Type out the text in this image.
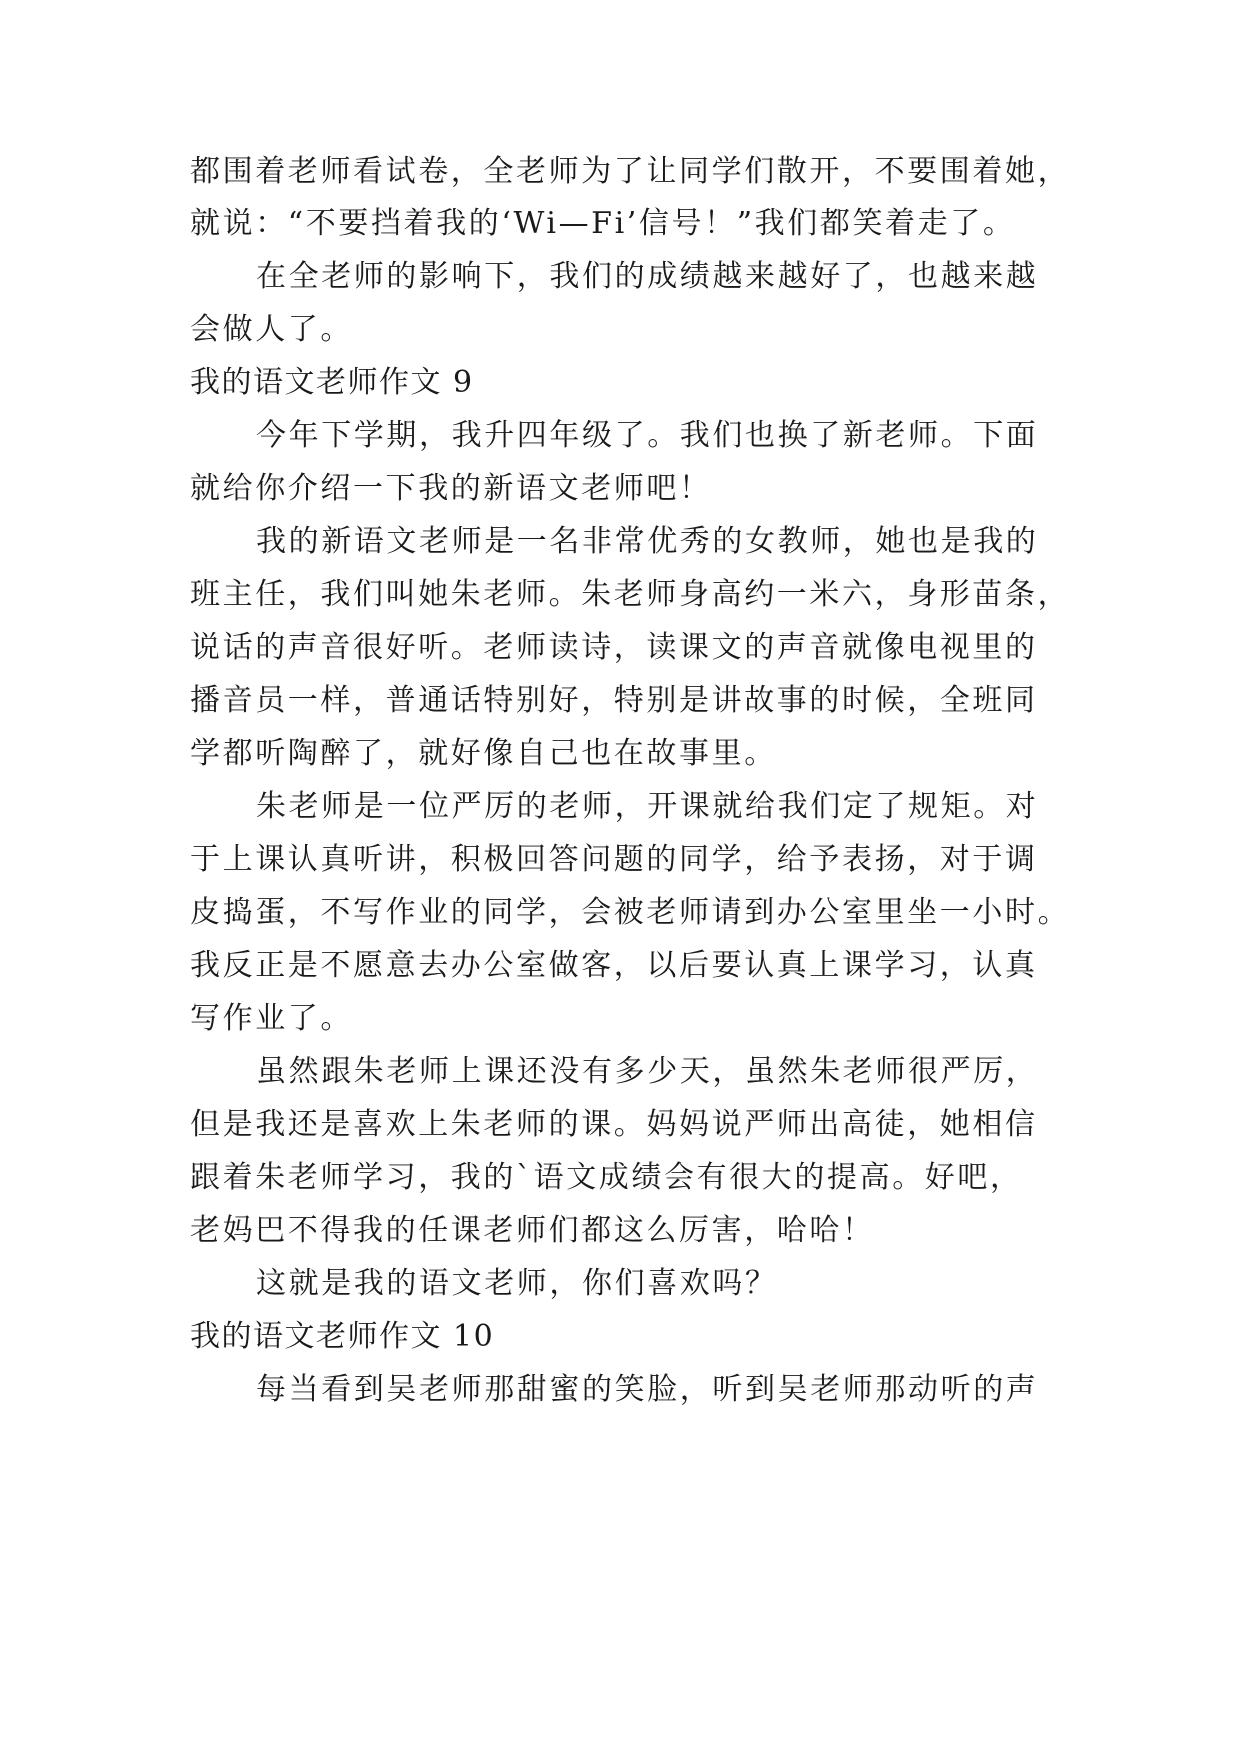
都围着老师看试卷，全老师为了让同学们散开，不要围着她，
就说：“不要挡着我的‘Wi—Fi’信号！”我们都笑着走了。
在全老师的影响下，我们的成绩越来越好了，也越来越
会做人了。
我的语文老师作文 9
今年下学期，我升四年级了。我们也换了新老师。下面
就给你介绍一下我的新语文老师吧！
我的新语文老师是一名非常优秀的女教师，她也是我的
班主任，我们叫她朱老师。朱老师身高约一米六，身形苗条，
说话的声音很好听。老师读诗，读课文的声音就像电视里的
播音员一样，普通话特别好，特别是讲故事的时候，全班同
学都听陶醉了，就好像自己也在故事里。
朱老师是一位严厉的老师，开课就给我们定了规矩。对
于上课认真听讲，积极回答问题的同学，给予表扬，对于调
皮捣蛋，不写作业的同学，会被老师请到办公室里坐一小时。
我反正是不愿意去办公室做客，以后要认真上课学习，认真
写作业了。
虽然跟朱老师上课还没有多少天，虽然朱老师很严厉，
但是我还是喜欢上朱老师的课。妈妈说严师出高徒，她相信
跟着朱老师学习，我的`语文成绩会有很大的提高。好吧，
老妈巴不得我的任课老师们都这么厉害，哈哈！
这就是我的语文老师，你们喜欢吗？
我的语文老师作文 10
每当看到吴老师那甜蜜的笑脸，听到吴老师那动听的声
